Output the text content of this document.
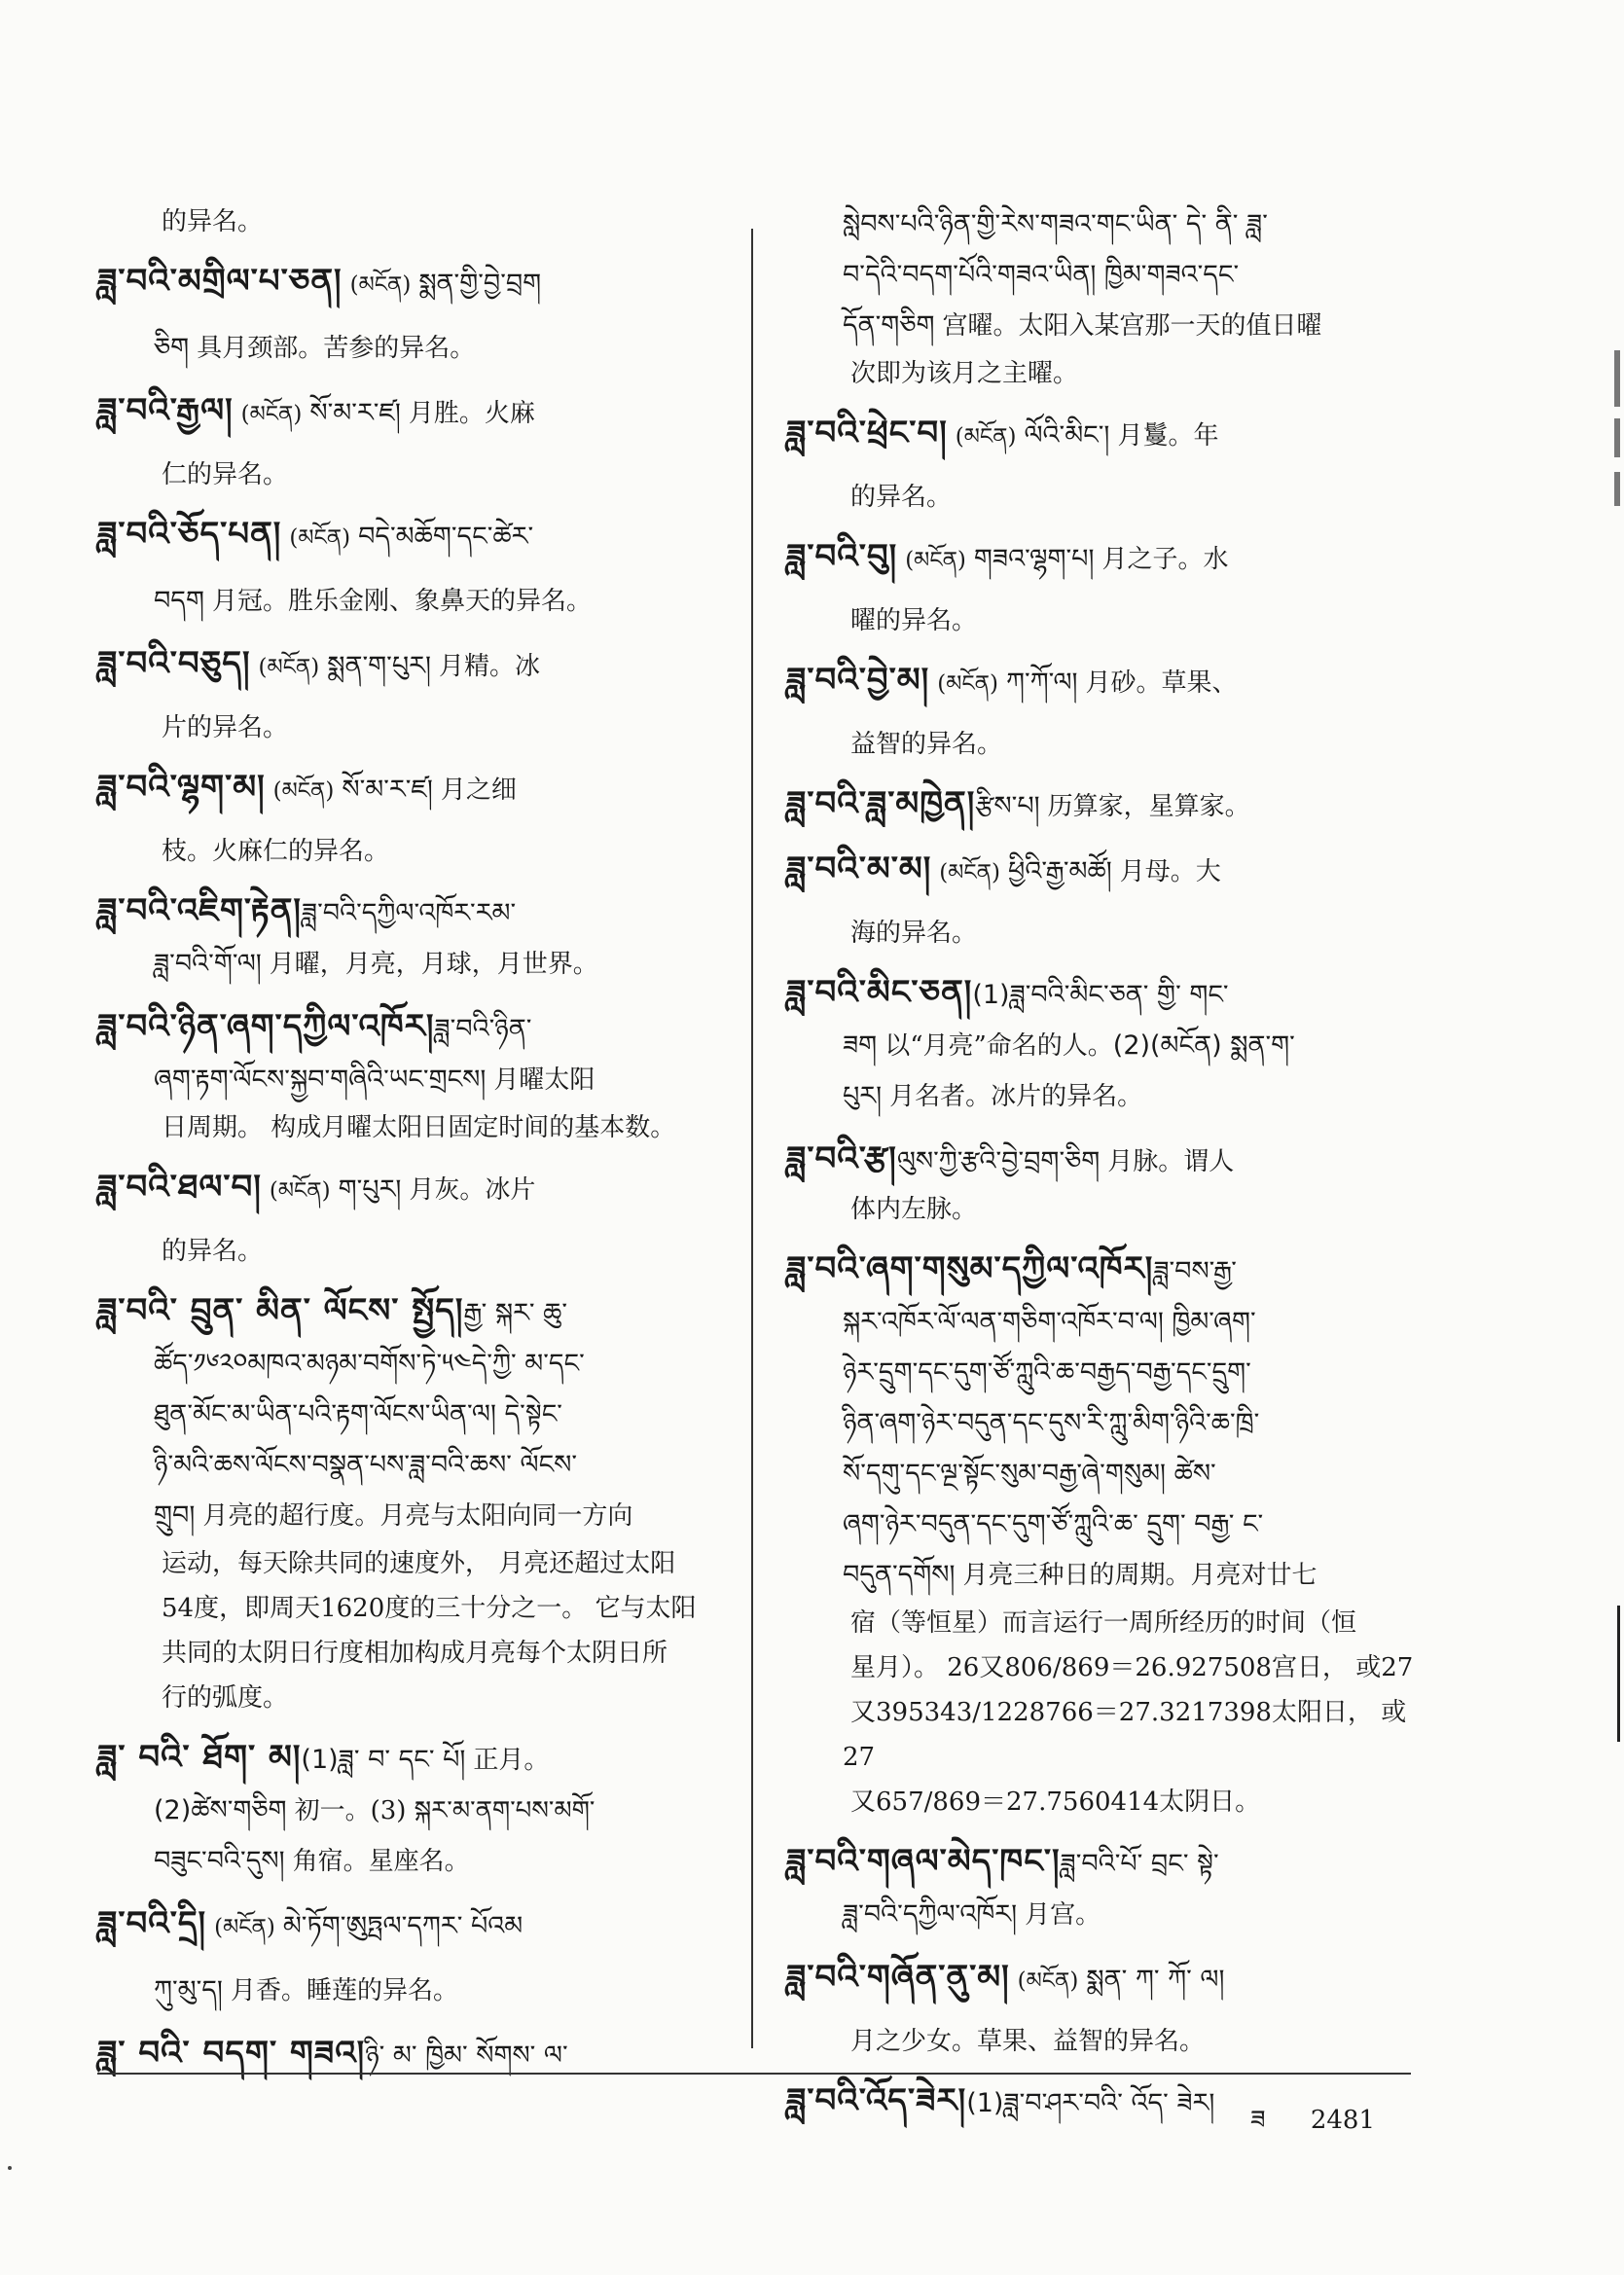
的异名。
ཟླ་བའི་མགྲིལ་པ་ཅན། (མངོན) སྨན་གྱི་བྱེ་བྲག
ཅིག 具月颈部。苦参的异名。
ཟླ་བའི་རྒྱལ། (མངོན) སོ་མ་ར་ཛ། 月胜。火麻
仁的异名。
ཟླ་བའི་ཅོད་པན། (མངོན) བདེ་མཆོག་དང་ཚེར་
བདག 月冠。胜乐金刚、象鼻天的异名。
ཟླ་བའི་བཅུད། (མངོན) སྨན་ག་པུར། 月精。冰
片的异名。
ཟླ་བའི་ལྷག་མ། (མངོན) སོ་མ་ར་ཛ། 月之细
枝。火麻仁的异名。
ཟླ་བའི་འཇིག་རྟེན།ཟླ་བའི་དཀྱིལ་འཁོར་རམ་
ཟླ་བའི་གོ་ལ། 月曜，月亮，月球，月世界。
ཟླ་བའི་ཉིན་ཞག་དཀྱིལ་འཁོར།ཟླ་བའི་ཉིན་
ཞག་རྟག་ལོངས་སྐྱབ་གཞིའི་ཡང་གྲངས། 月曜太阳
日周期。 构成月曜太阳日固定时间的基本数。
ཟླ་བའི་ཐལ་བ། (མངོན) ག་པུར། 月灰。冰片
的异名。
ཟླ་བའི་ བྲུན་ མིན་ ལོངས་ སྤྱོད།རྒྱ་ སྐར་ ཆུ་
ཚོད་༡༦༢༠མཁའ་མཉམ་བགོས་ཏེ་༥༤དེ་ཀྱི་ མ་དང་
ཐུན་མོང་མ་ཡིན་པའི་རྟག་ལོངས་ཡིན་ལ། དེ་སྟེང་
ཉི་མའི་ཆས་ལོངས་བསྣན་པས་ཟླ་བའི་ཆས་ ལོངས་
གྲུབ། 月亮的超行度。月亮与太阳向同一方向
运动，每天除共同的速度外， 月亮还超过太阳
54度，即周天1620度的三十分之一。 它与太阳
共同的太阴日行度相加构成月亮每个太阴日所
行的弧度。
ཟླ་ བའི་ ཐོག་ མ།(1)ཟླ་ བ་ དང་ པོ། 正月。
(2)ཚེས་གཅིག 初一。(3) སྐར་མ་ནག་པས་མགོ་
བཟུང་བའི་དུས། 角宿。星座名。
ཟླ་བའི་དྲི། (མངོན) མེ་ཏོག་ཨུཏྤལ་དཀར་ པོའམ
ཀུ་མུ་ད། 月香。睡莲的异名。
ཟླ་ བའི་ བདག་ གཟའ།ཉི་ མ་ ཁྱིམ་ སོགས་ ལ་
སླེབས་པའི་ཉིན་གྱི་རེས་གཟའ་གང་ཡིན་ དེ་ ནི་ ཟླ་
བ་དེའི་བདག་པོའི་གཟའ་ཡིན། ཁྱིམ་གཟའ་དང་
དོན་གཅིག 宫曜。太阳入某宫那一天的值日曜
次即为该月之主曜。
ཟླ་བའི་ཕྲེང་བ། (མངོན) ལོའི་མིང་། 月鬘。年
的异名。
ཟླ་བའི་བུ། (མངོན) གཟའ་ལྷག་པ། 月之子。水
曜的异名。
ཟླ་བའི་བྱེ་མ། (མངོན) ཀ་ཀོ་ལ། 月砂。草果、
益智的异名。
ཟླ་བའི་ཟླ་མཁྱེན།རྩིས་པ། 历算家，星算家。
ཟླ་བའི་མ་མ། (མངོན) ཕྱིའི་རྒྱ་མཚོ། 月母。大
海的异名。
ཟླ་བའི་མིང་ཅན།(1)ཟླ་བའི་མིང་ཅན་ གྱི་ གང་
ཟག 以“月亮”命名的人。(2)(མངོན) སྨན་ག་
པུར། 月名者。冰片的异名。
ཟླ་བའི་རྩ།ལུས་ཀྱི་རྩའི་བྱེ་བྲག་ཅིག 月脉。谓人
体内左脉。
ཟླ་བའི་ཞག་གསུམ་དཀྱིལ་འཁོར།ཟླ་བས་རྒྱ་
སྐར་འཁོར་ལོ་ལན་གཅིག་འཁོར་བ་ལ། ཁྱིམ་ཞག་
ཉེར་དྲུག་དང་དུག་ཙོ་ཀླུའི་ཆ་བརྒྱད་བརྒྱ་དང་དྲུག་
ཉིན་ཞག་ཉེར་བདུན་དང་དུས་རི་ཀླུ་མིག་ཉིའི་ཆ་ཁྲི་
སོ་དགུ་དང་ལྔ་སྟོང་སུམ་བརྒྱ་ཞེ་གསུམ། ཚེས་
ཞག་ཉེར་བདུན་དང་དུག་ཙོ་ཀླུའི་ཆ་ དྲུག་ བརྒྱ་ ང་
བདུན་དགོས། 月亮三种日的周期。月亮对廿七
宿（等恒星）而言运行一周所经历的时间（恒
星月）。 26又806/869＝26.927508宫日， 或27
又395343/1228766＝27.3217398太阳日， 或27
又657/869＝27.7560414太阴日。
ཟླ་བའི་གཞལ་མེད་ཁང་།ཟླ་བའི་པོ་ བྲང་ སྟེ་
ཟླ་བའི་དཀྱིལ་འཁོར། 月宫。
ཟླ་བའི་གཞོན་ནུ་མ། (མངོན) སྨན་ ཀ་ ཀོ་ ལ།
月之少女。草果、益智的异名。
ཟླ་བའི་འོད་ཟེར།(1)ཟླ་བ་ཤར་བའི་ འོད་ ཟེར།
ཟ 2481
